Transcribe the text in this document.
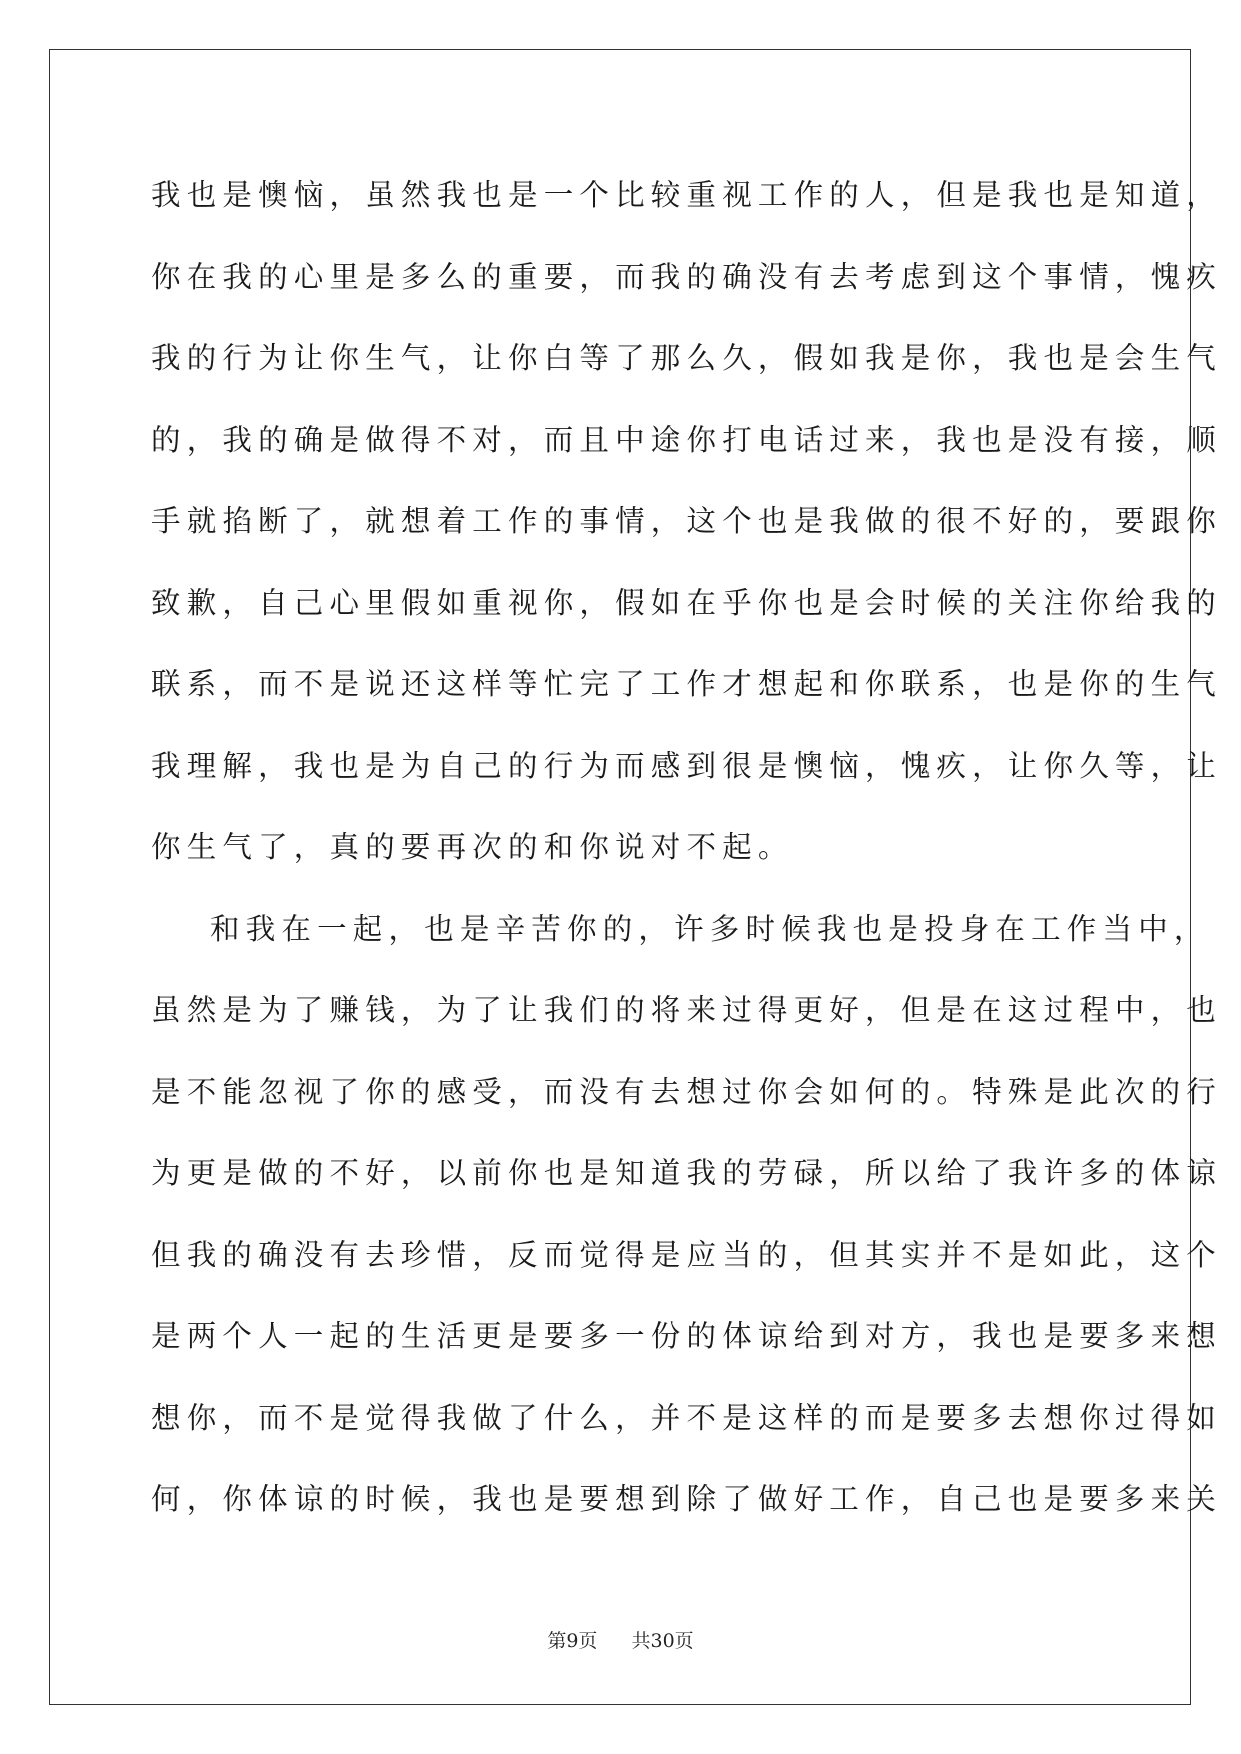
我也是懊恼，虽然我也是一个比较重视工作的人，但是我也是知道，
你在我的心里是多么的重要，而我的确没有去考虑到这个事情，愧疚
我的行为让你生气，让你白等了那么久，假如我是你，我也是会生气
的，我的确是做得不对，而且中途你打电话过来，我也是没有接，顺
手就掐断了，就想着工作的事情，这个也是我做的很不好的，要跟你
致歉，自己心里假如重视你，假如在乎你也是会时候的关注你给我的
联系，而不是说还这样等忙完了工作才想起和你联系，也是你的生气
我理解，我也是为自己的行为而感到很是懊恼，愧疚，让你久等，让
你生气了，真的要再次的和你说对不起。
和我在一起，也是辛苦你的，许多时候我也是投身在工作当中，
虽然是为了赚钱，为了让我们的将来过得更好，但是在这过程中，也
是不能忽视了你的感受，而没有去想过你会如何的。特殊是此次的行
为更是做的不好，以前你也是知道我的劳碌，所以给了我许多的体谅
但我的确没有去珍惜，反而觉得是应当的，但其实并不是如此，这个
是两个人一起的生活更是要多一份的体谅给到对方，我也是要多来想
想你，而不是觉得我做了什么，并不是这样的而是要多去想你过得如
何，你体谅的时候，我也是要想到除了做好工作，自己也是要多来关
第9页 共30页
